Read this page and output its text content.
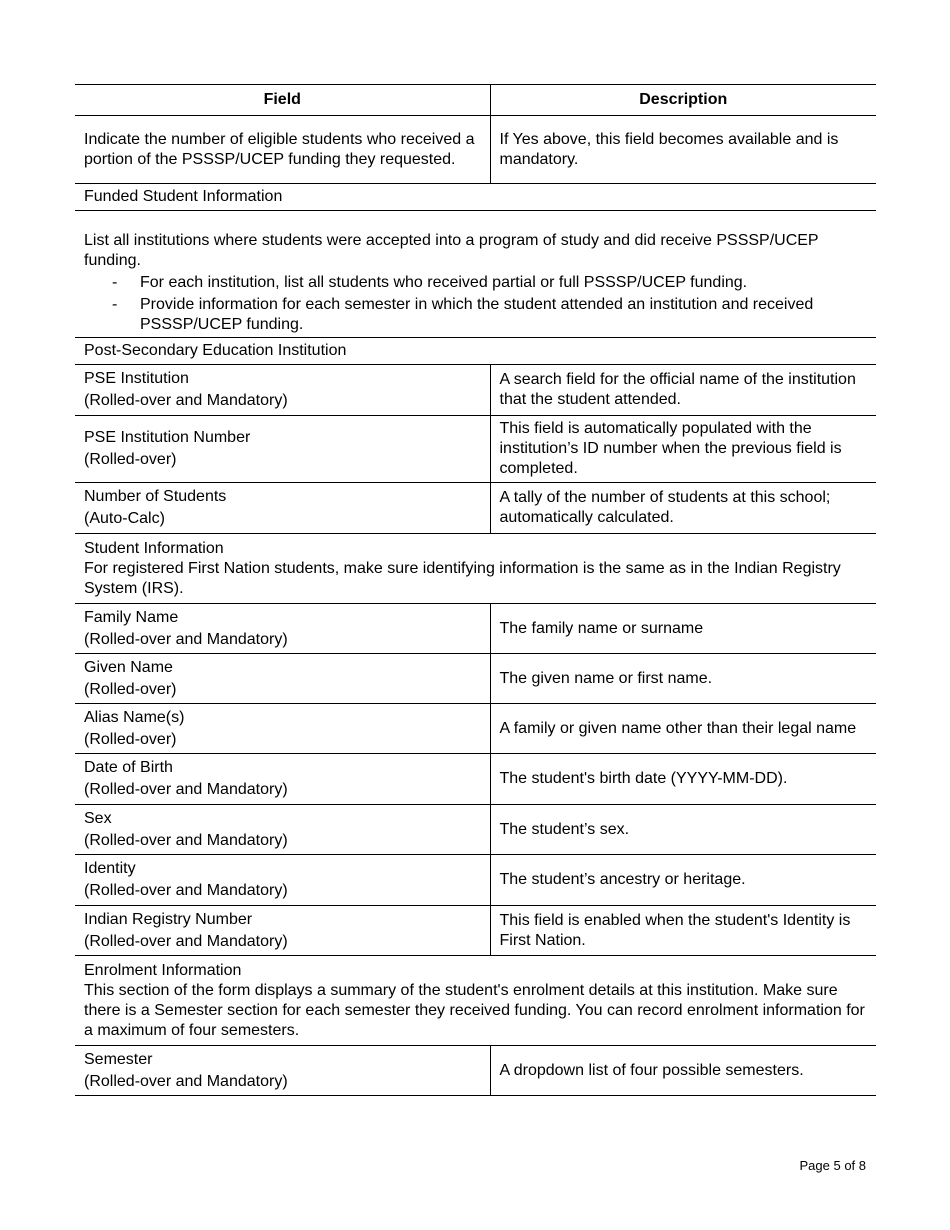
Field	Description
Indicate the number of eligible students who received a portion of the PSSSP/UCEP funding they requested.	If Yes above, this field becomes available and is mandatory.
Funded Student Information	

List all institutions where students were accepted into a program of study and did receive PSSSP/UCEP funding.
- For each institution, list all students who received partial or full PSSSP/UCEP funding.
- Provide information for each semester in which the student attended an institution and received PSSSP/UCEP funding.	

Post-Secondary Education Institution	

PSE Institution
(Rolled-over and Mandatory)	A search field for the official name of the institution that the student attended.

PSE Institution Number
(Rolled-over)	This field is automatically populated with the institution’s ID number when the previous field is completed.

Number of Students
(Auto-Calc)	A tally of the number of students at this school; automatically calculated.

Student Information
For registered First Nation students, make sure identifying information is the same as in the Indian Registry System (IRS).	

Family Name
(Rolled-over and Mandatory)	The family name or surname

Given Name
(Rolled-over)	The given name or first name.

Alias Name(s)
(Rolled-over)	A family or given name other than their legal name

Date of Birth
(Rolled-over and Mandatory)	The student's birth date (YYYY-MM-DD).

Sex
(Rolled-over and Mandatory)	The student’s sex.

Identity
(Rolled-over and Mandatory)	The student’s ancestry or heritage.

Indian Registry Number
(Rolled-over and Mandatory)	This field is enabled when the student's Identity is First Nation.

Enrolment Information
This section of the form displays a summary of the student's enrolment details at this institution. Make sure there is a Semester section for each semester they received funding. You can record enrolment information for a maximum of four semesters.	

Semester
(Rolled-over and Mandatory)	A dropdown list of four possible semesters.
Page 5 of 8
